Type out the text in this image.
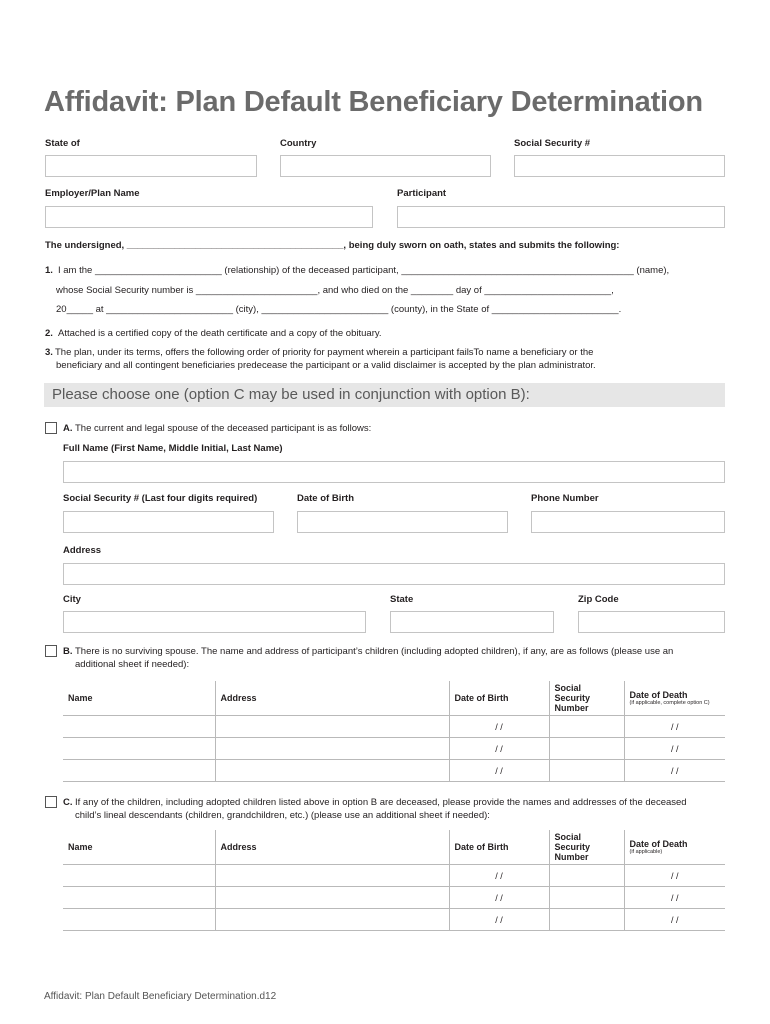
Affidavit: Plan Default Beneficiary Determination
State of	Country	Social Security #
Employer/Plan Name	Participant
The undersigned, _________________________________________, being duly sworn on oath, states and submits the following:
1. I am the ________________________ (relationship) of the deceased participant, ____________________________________________ (name),
whose Social Security number is _______________________, and who died on the ________ day of ________________________,
20_____ at ________________________ (city), ________________________ (county), in the State of ________________________.
2. Attached is a certified copy of the death certificate and a copy of the obituary.
3. The plan, under its terms, offers the following order of priority for payment wherein a participant failsTo name a beneficiary or the
beneficiary and all contingent beneficiaries predecease the participant or a valid disclaimer is accepted by the plan administrator.
Please choose one (option C may be used in conjunction with option B):
A. The current and legal spouse of the deceased participant is as follows:
Full Name (First Name, Middle Initial, Last Name)
Social Security # (Last four digits required)	Date of Birth	Phone Number
Address
City	State	Zip Code
B. There is no surviving spouse. The name and address of participant’s children (including adopted children), if any, are as follows (please use an
additional sheet if needed):
Name	Address	Date of Birth	Social Security Number	Date of Death
(if applicable, complete option C)

		/ /		/ /
		/ /		/ /
		/ /		/ /
C. If any of the children, including adopted children listed above in option B are deceased, please provide the names and addresses of the deceased
child’s lineal descendants (children, grandchildren, etc.) (please use an additional sheet if needed):
Name	Address	Date of Birth	Social Security Number	Date of Death
(if applicable)

		/ /		/ /
		/ /		/ /
		/ /		/ /
Affidavit: Plan Default Beneficiary Determination.d12
